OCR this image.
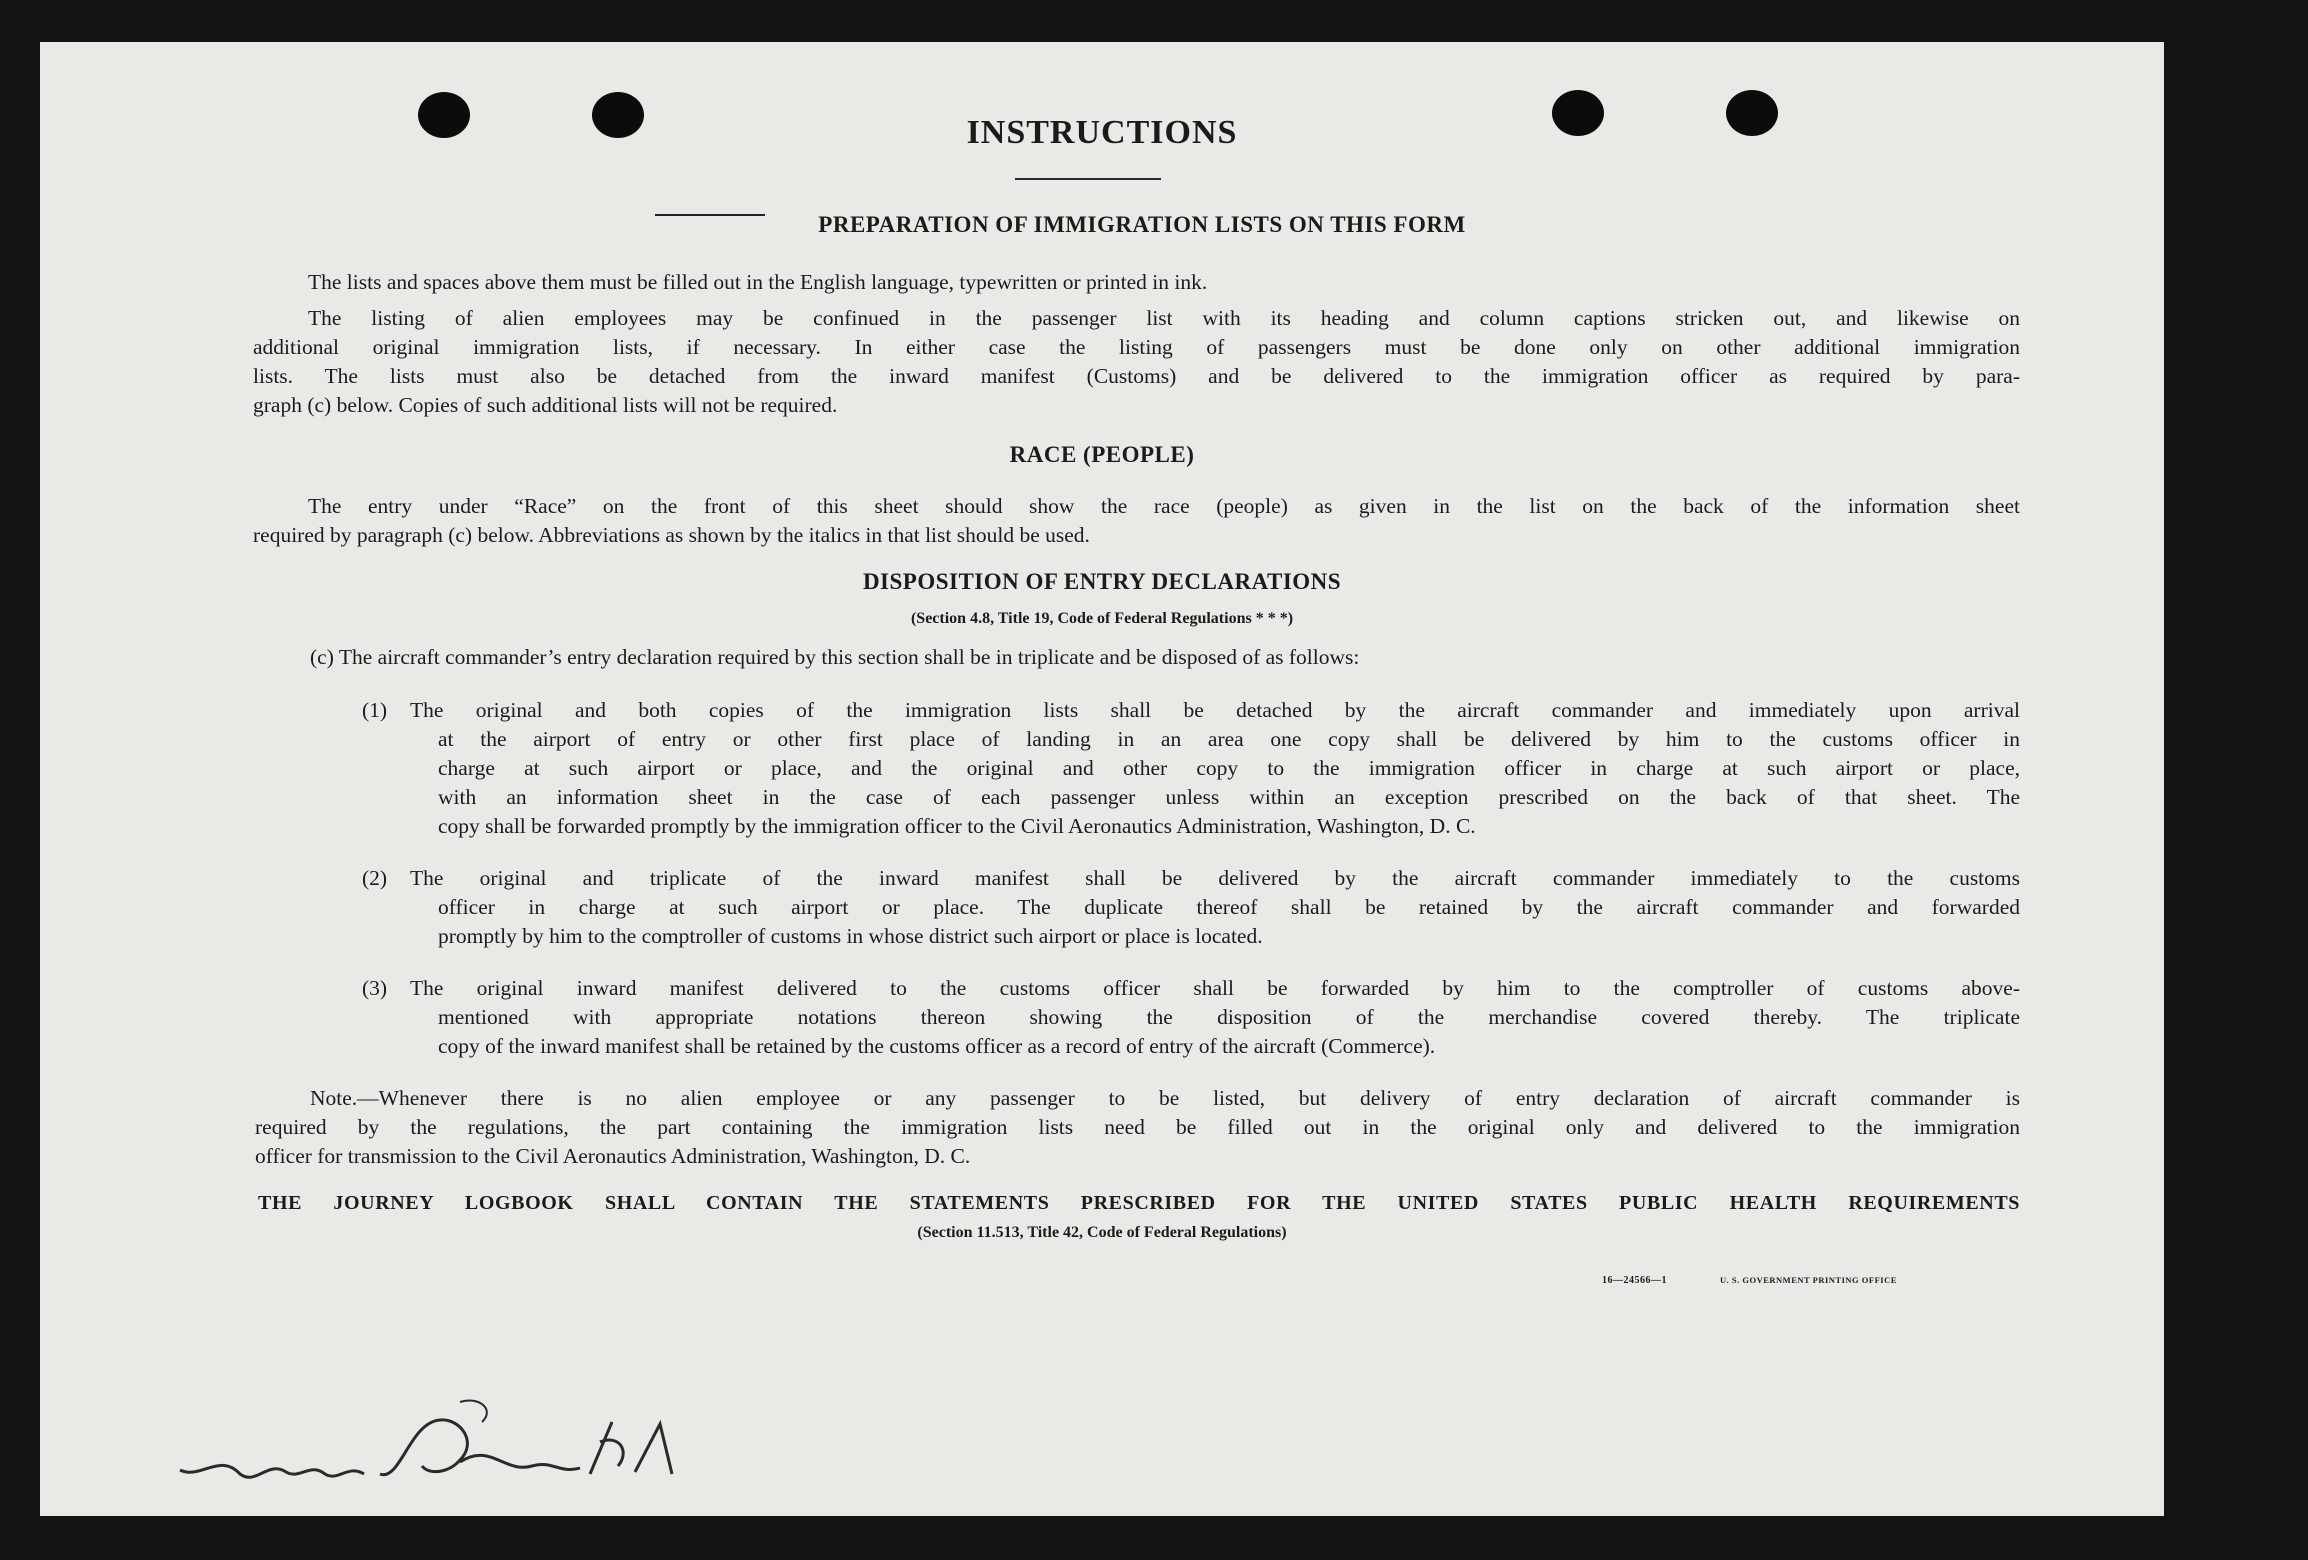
INSTRUCTIONS
PREPARATION OF IMMIGRATION LISTS ON THIS FORM
The lists and spaces above them must be filled out in the English language, typewritten or printed in ink.
The listing of alien employees may be confinued in the passenger list with its heading and column captions stricken out, and likewise on
additional original immigration lists, if necessary. In either case the listing of passengers must be done only on other additional immigration
lists. The lists must also be detached from the inward manifest (Customs) and be delivered to the immigration officer as required by para-
graph (c) below. Copies of such additional lists will not be required.
RACE (PEOPLE)
The entry under “Race” on the front of this sheet should show the race (people) as given in the list on the back of the information sheet
required by paragraph (c) below. Abbreviations as shown by the italics in that list should be used.
DISPOSITION OF ENTRY DECLARATIONS
(Section 4.8, Title 19, Code of Federal Regulations * * *)
(c) The aircraft commander’s entry declaration required by this section shall be in triplicate and be disposed of as follows:
(1) The original and both copies of the immigration lists shall be detached by the aircraft commander and immediately upon arrival
at the airport of entry or other first place of landing in an area one copy shall be delivered by him to the customs officer in
charge at such airport or place, and the original and other copy to the immigration officer in charge at such airport or place,
with an information sheet in the case of each passenger unless within an exception prescribed on the back of that sheet. The
copy shall be forwarded promptly by the immigration officer to the Civil Aeronautics Administration, Washington, D. C.
(2) The original and triplicate of the inward manifest shall be delivered by the aircraft commander immediately to the customs
officer in charge at such airport or place. The duplicate thereof shall be retained by the aircraft commander and forwarded
promptly by him to the comptroller of customs in whose district such airport or place is located.
(3) The original inward manifest delivered to the customs officer shall be forwarded by him to the comptroller of customs above-
mentioned with appropriate notations thereon showing the disposition of the merchandise covered thereby. The triplicate
copy of the inward manifest shall be retained by the customs officer as a record of entry of the aircraft (Commerce).
Note.—Whenever there is no alien employee or any passenger to be listed, but delivery of entry declaration of aircraft commander is
required by the regulations, the part containing the immigration lists need be filled out in the original only and delivered to the immigration
officer for transmission to the Civil Aeronautics Administration, Washington, D. C.
THE JOURNEY LOGBOOK SHALL CONTAIN THE STATEMENTS PRESCRIBED FOR THE UNITED STATES PUBLIC HEALTH REQUIREMENTS
(Section 11.513, Title 42, Code of Federal Regulations)
16—24566—1	U. S. GOVERNMENT PRINTING OFFICE
